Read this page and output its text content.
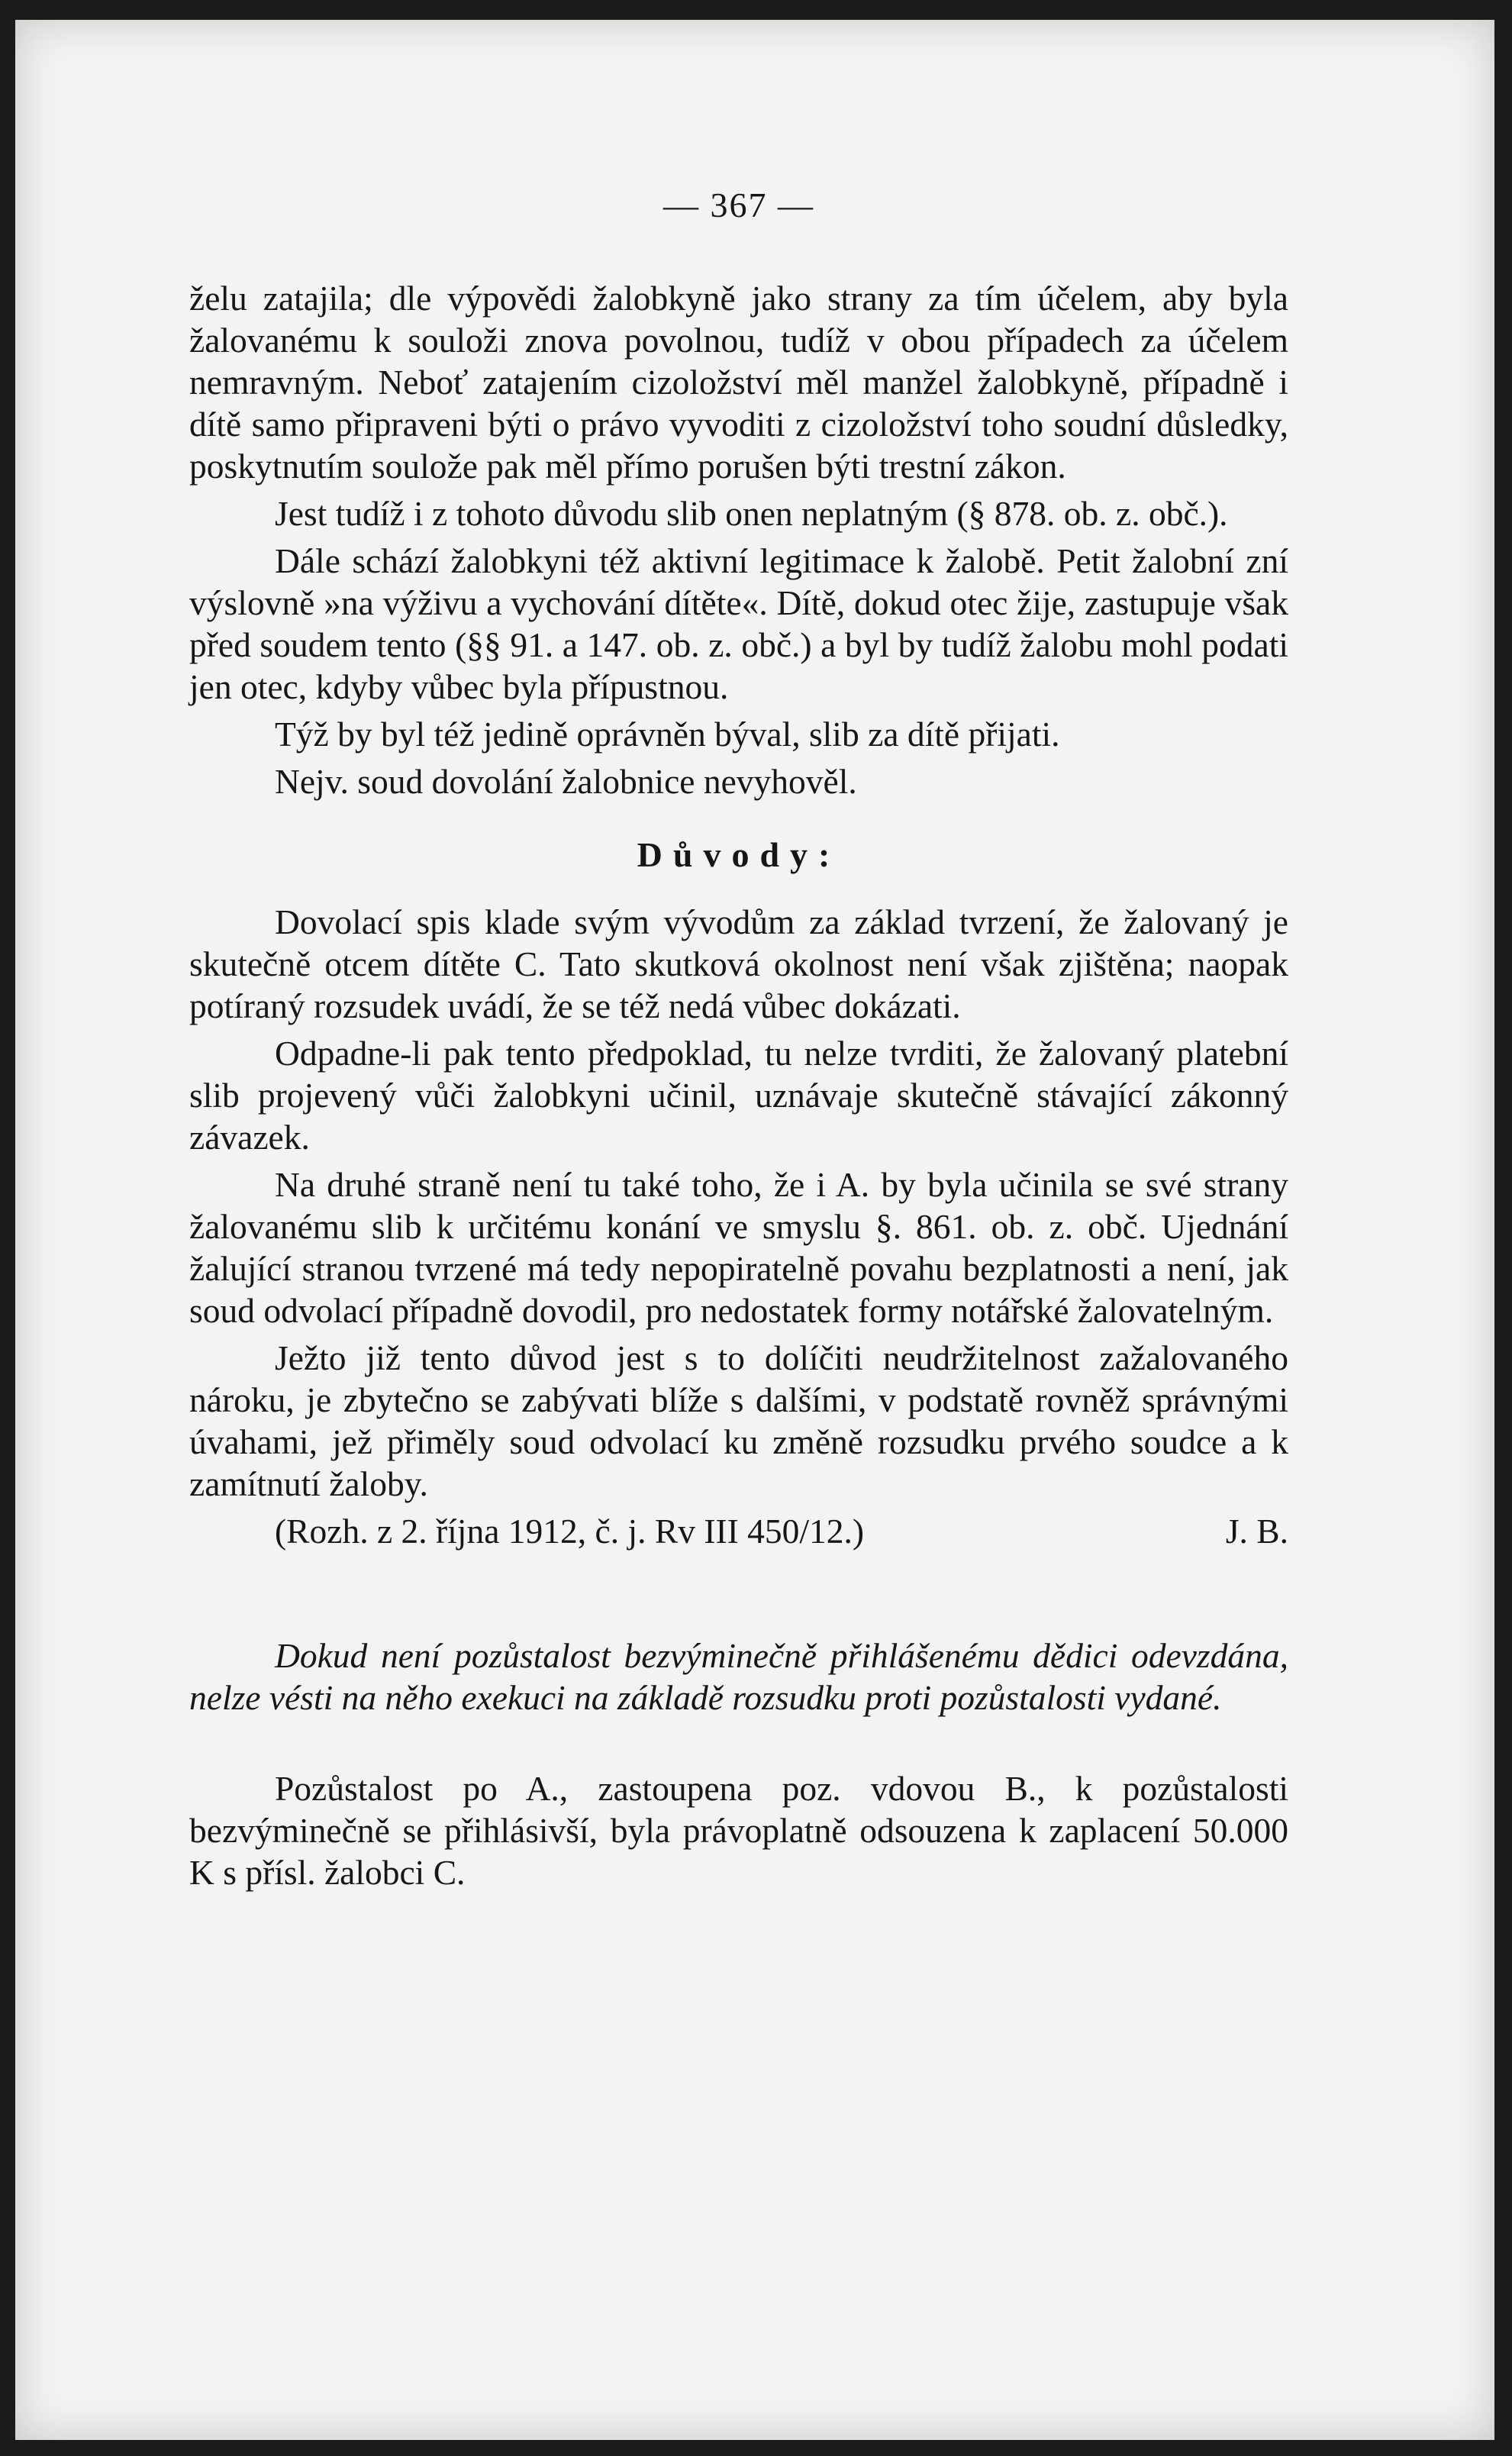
— 367 —

želu zatajila; dle výpovědi žalobkyně jako strany za tím účelem, aby byla žalovanému k souloži znova povolnou, tudíž v obou případech za účelem nemravným. Neboť zatajením cizoložství měl manžel žalobkyně, případně i dítě samo připraveni býti o právo vyvoditi z cizoložství toho soudní důsledky, poskytnutím soulože pak měl přímo porušen býti trestní zákon.

Jest tudíž i z tohoto důvodu slib onen neplatným (§ 878. ob. z. obč.).

Dále schází žalobkyni též aktivní legitimace k žalobě. Petit žalobní zní výslovně »na výživu a vychování dítěte«. Dítě, dokud otec žije, zastupuje však před soudem tento (§§ 91. a 147. ob. z. obč.) a byl by tudíž žalobu mohl podati jen otec, kdyby vůbec byla přípustnou.

Týž by byl též jedině oprávněn býval, slib za dítě přijati.

Nejv. soud dovolání žalobnice nevyhověl.

Důvody:

Dovolací spis klade svým vývodům za základ tvrzení, že žalovaný je skutečně otcem dítěte C. Tato skutková okolnost není však zjištěna; naopak potíraný rozsudek uvádí, že se též nedá vůbec dokázati.

Odpadne-li pak tento předpoklad, tu nelze tvrditi, že žalovaný platební slib projevený vůči žalobkyni učinil, uznávaje skutečně stávající zákonný závazek.

Na druhé straně není tu také toho, že i A. by byla učinila se své strany žalovanému slib k určitému konání ve smyslu §. 861. ob. z. obč. Ujednání žalující stranou tvrzené má tedy nepopiratelně povahu bezplatnosti a není, jak soud odvolací případně dovodil, pro nedostatek formy notářské žalovatelným.

Ježto již tento důvod jest s to dolíčiti neudržitelnost zažalovaného nároku, je zbytečno se zabývati blíže s dalšími, v podstatě rovněž správnými úvahami, jež přiměly soud odvolací ku změně rozsudku prvého soudce a k zamítnutí žaloby.

(Rozh. z 2. října 1912, č. j. Rv III 450/12.)	J. B.

Dokud není pozůstalost bezvýminečně přihlášenému dědici odevzdána, nelze vésti na něho exekuci na základě rozsudku proti pozůstalosti vydané.

Pozůstalost po A., zastoupena poz. vdovou B., k pozůstalosti bezvýminečně se přihlásivší, byla právoplatně odsouzena k zaplacení 50.000 K s přísl. žalobci C.
